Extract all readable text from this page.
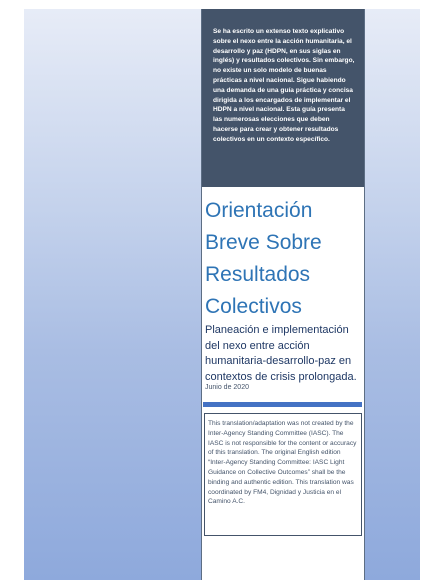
Se ha escrito un extenso texto explicativo sobre el nexo entre la acción humanitaria, el desarrollo y paz (HDPN, en sus siglas en inglés) y resultados colectivos. Sin embargo, no existe un solo modelo de buenas prácticas a nivel nacional. Sigue habiendo una demanda de una guía práctica y concisa dirigida a los encargados de implementar el HDPN a nivel nacional. Esta guía presenta las numerosas elecciones que deben hacerse para crear y obtener resultados colectivos en un contexto específico.
Orientación Breve Sobre Resultados Colectivos
Planeación e implementación del nexo entre acción humanitaria-desarrollo-paz en contextos de crisis prolongada.
Junio de 2020
This translation/adaptation was not created by the Inter-Agency Standing Committee (IASC). The IASC is not responsible for the content or accuracy of this translation. The original English edition “Inter-Agency Standing Committee: IASC Light Guidance on Collective Outcomes” shall be the binding and authentic edition. This translation was coordinated by FM4, Dignidad y Justicia en el Camino A.C.
